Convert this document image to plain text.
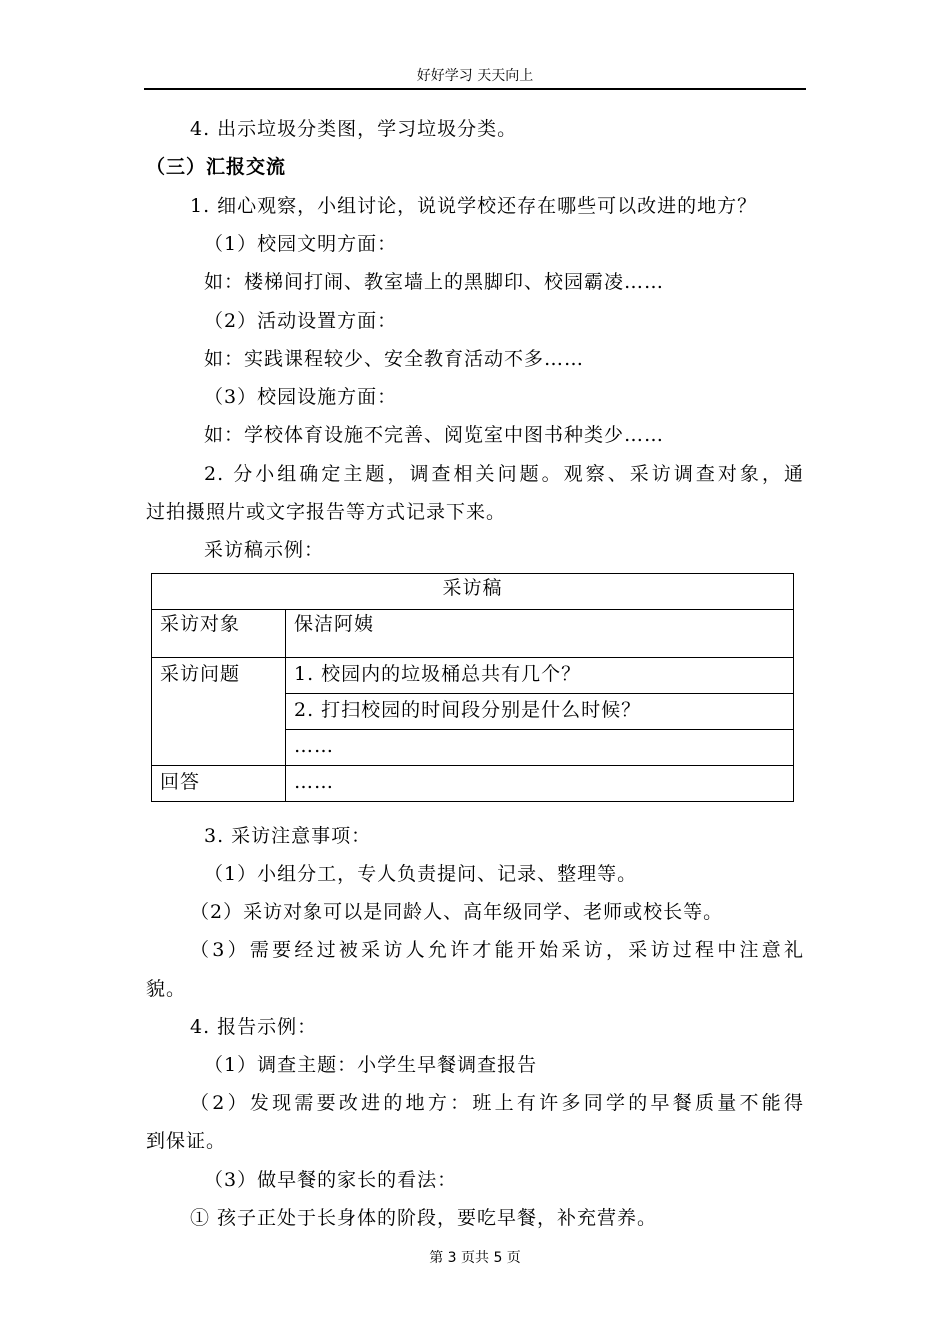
好好学习 天天向上
4. 出示垃圾分类图，学习垃圾分类。
（三）汇报交流
1. 细心观察，小组讨论，说说学校还存在哪些可以改进的地方？
（1）校园文明方面：
如：楼梯间打闹、教室墙上的黑脚印、校园霸凌……
（2）活动设置方面：
如：实践课程较少、安全教育活动不多……
（3）校园设施方面：
如：学校体育设施不完善、阅览室中图书种类少……
2. 分小组确定主题，调查相关问题。观察、采访调查对象，通
过拍摄照片或文字报告等方式记录下来。
采访稿示例：
采访稿	
采访对象	保洁阿姨
采访问题	1. 校园内的垃圾桶总共有几个？
	2. 打扫校园的时间段分别是什么时候？
	……
回答	……
3. 采访注意事项：
（1）小组分工，专人负责提问、记录、整理等。
（2）采访对象可以是同龄人、高年级同学、老师或校长等。
（3）需要经过被采访人允许才能开始采访，采访过程中注意礼
貌。
4. 报告示例：
（1）调查主题：小学生早餐调查报告
（2）发现需要改进的地方：班上有许多同学的早餐质量不能得
到保证。
（3）做早餐的家长的看法：
① 孩子正处于长身体的阶段，要吃早餐，补充营养。
第 3 页共 5 页
